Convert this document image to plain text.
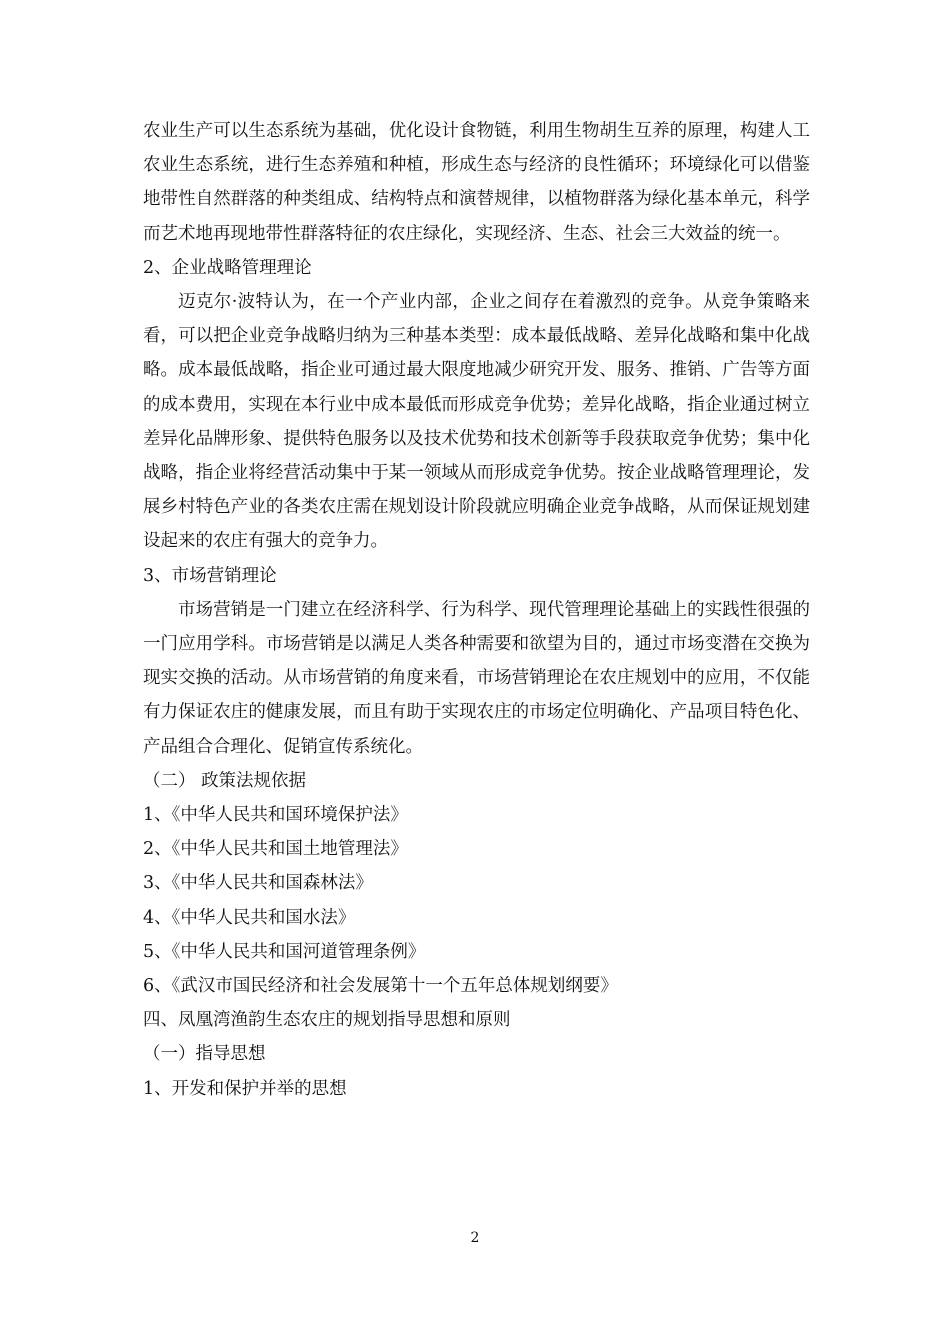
农业生产可以生态系统为基础，优化设计食物链，利用生物胡生互养的原理，构建人工农业生态系统，进行生态养殖和种植，形成生态与经济的良性循环；环境绿化可以借鉴地带性自然群落的种类组成、结构特点和演替规律，以植物群落为绿化基本单元，科学而艺术地再现地带性群落特征的农庄绿化，实现经济、生态、社会三大效益的统一。

2、企业战略管理理论

迈克尔·波特认为，在一个产业内部，企业之间存在着激烈的竞争。从竞争策略来看，可以把企业竞争战略归纳为三种基本类型：成本最低战略、差异化战略和集中化战略。成本最低战略，指企业可通过最大限度地减少研究开发、服务、推销、广告等方面的成本费用，实现在本行业中成本最低而形成竞争优势；差异化战略，指企业通过树立差异化品牌形象、提供特色服务以及技术优势和技术创新等手段获取竞争优势；集中化战略，指企业将经营活动集中于某一领域从而形成竞争优势。按企业战略管理理论，发展乡村特色产业的各类农庄需在规划设计阶段就应明确企业竞争战略，从而保证规划建设起来的农庄有强大的竞争力。

3、市场营销理论

市场营销是一门建立在经济科学、行为科学、现代管理理论基础上的实践性很强的一门应用学科。市场营销是以满足人类各种需要和欲望为目的，通过市场变潜在交换为现实交换的活动。从市场营销的角度来看，市场营销理论在农庄规划中的应用，不仅能有力保证农庄的健康发展，而且有助于实现农庄的市场定位明确化、产品项目特色化、产品组合合理化、促销宣传系统化。

（二） 政策法规依据

1、《中华人民共和国环境保护法》

2、《中华人民共和国土地管理法》

3、《中华人民共和国森林法》

4、《中华人民共和国水法》

5、《中华人民共和国河道管理条例》

6、《武汉市国民经济和社会发展第十一个五年总体规划纲要》

四、凤凰湾渔韵生态农庄的规划指导思想和原则

（一）指导思想

1、开发和保护并举的思想

2
